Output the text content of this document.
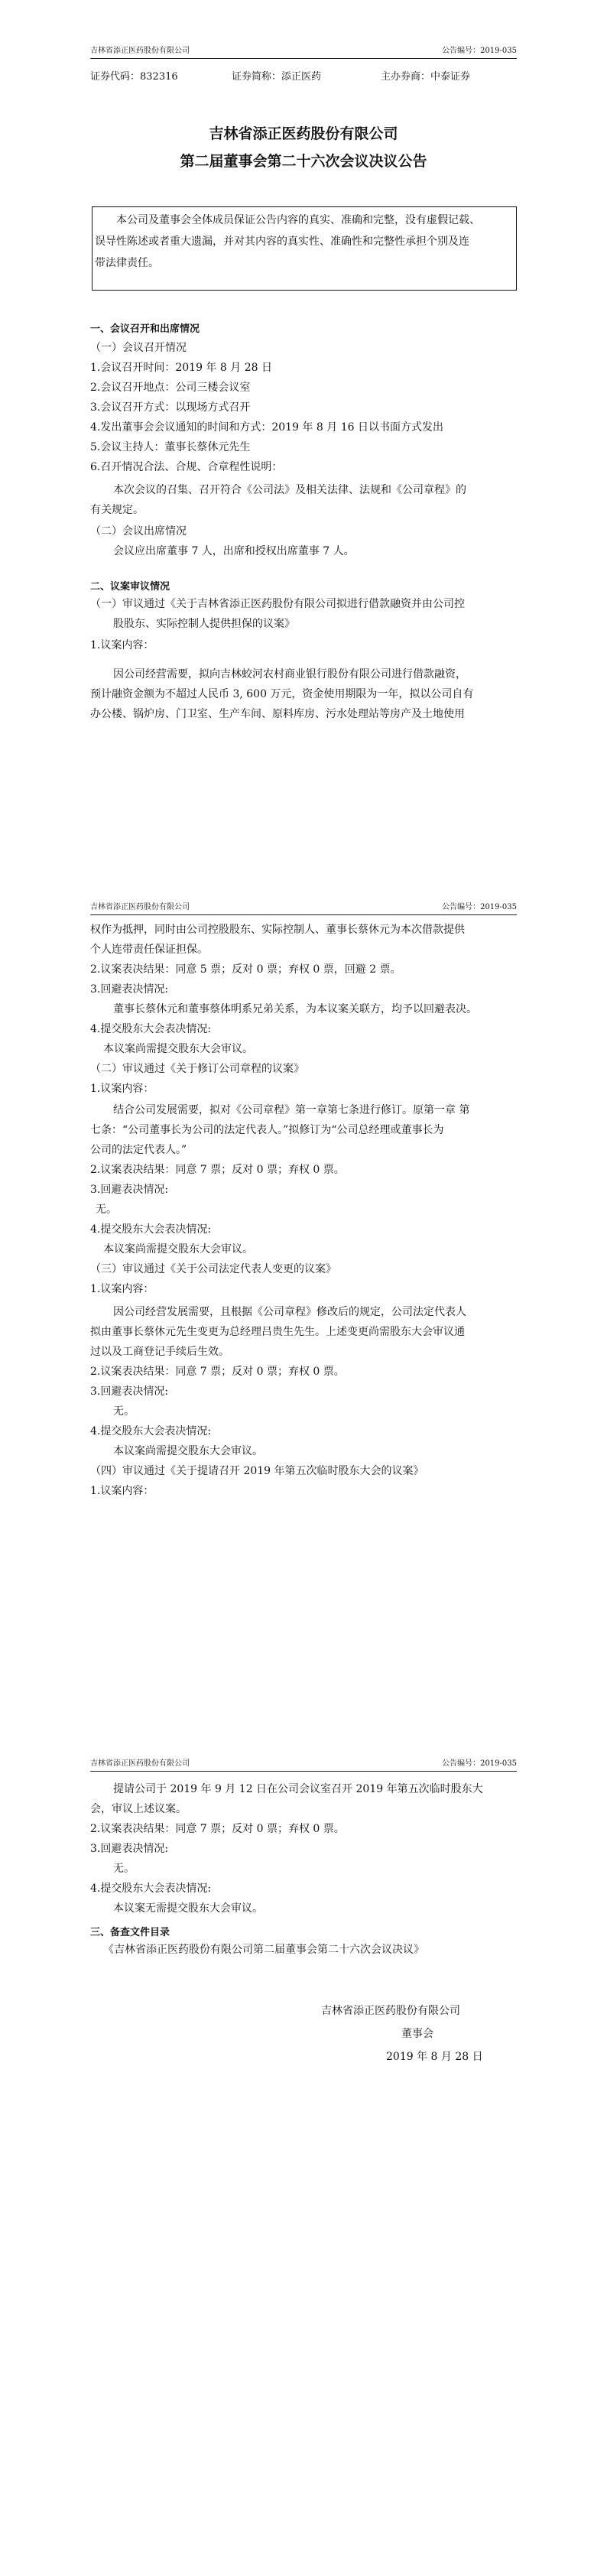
吉林省添正医药股份有限公司	公告编号：2019-035
证券代码：832316	证券简称：添正医药	主办券商：中泰证券
吉林省添正医药股份有限公司
第二届董事会第二十六次会议决议公告
本公司及董事会全体成员保证公告内容的真实、准确和完整，没有虚假记载、
误导性陈述或者重大遗漏，并对其内容的真实性、准确性和完整性承担个别及连
带法律责任。
一、会议召开和出席情况
（一）会议召开情况
1.会议召开时间：2019 年 8 月 28 日
2.会议召开地点：公司三楼会议室
3.会议召开方式：以现场方式召开
4.发出董事会会议通知的时间和方式：2019 年 8 月 16 日以书面方式发出
5.会议主持人：董事长蔡休元先生
6.召开情况合法、合规、合章程性说明：
本次会议的召集、召开符合《公司法》及相关法律、法规和《公司章程》的
有关规定。
（二）会议出席情况
会议应出席董事 7 人，出席和授权出席董事 7 人。
二、议案审议情况
（一）审议通过《关于吉林省添正医药股份有限公司拟进行借款融资并由公司控
股股东、实际控制人提供担保的议案》
1.议案内容：
因公司经营需要，拟向吉林蛟河农村商业银行股份有限公司进行借款融资，
预计融资金额为不超过人民币 3, 600 万元，资金使用期限为一年，拟以公司自有
办公楼、锅炉房、门卫室、生产车间、原料库房、污水处理站等房产及土地使用
吉林省添正医药股份有限公司	公告编号：2019-035
权作为抵押，同时由公司控股股东、实际控制人、董事长蔡休元为本次借款提供
个人连带责任保证担保。
2.议案表决结果：同意 5 票；反对 0 票；弃权 0 票，回避 2 票。
3.回避表决情况:
董事长蔡休元和董事蔡体明系兄弟关系，为本议案关联方，均予以回避表决。
4.提交股东大会表决情况:
本议案尚需提交股东大会审议。
（二）审议通过《关于修订公司章程的议案》
1.议案内容：
结合公司发展需要，拟对《公司章程》第一章第七条进行修订。原第一章 第
七条：“公司董事长为公司的法定代表人。”拟修订为“公司总经理或董事长为
公司的法定代表人。”
2.议案表决结果：同意 7 票；反对 0 票；弃权 0 票。
3.回避表决情况:
无。
4.提交股东大会表决情况:
本议案尚需提交股东大会审议。
（三）审议通过《关于公司法定代表人变更的议案》
1.议案内容：
因公司经营发展需要，且根据《公司章程》修改后的规定，公司法定代表人
拟由董事长蔡休元先生变更为总经理吕贵生先生。上述变更尚需股东大会审议通
过以及工商登记手续后生效。
2.议案表决结果：同意 7 票；反对 0 票；弃权 0 票。
3.回避表决情况:
无。
4.提交股东大会表决情况:
本议案尚需提交股东大会审议。
（四）审议通过《关于提请召开 2019 年第五次临时股东大会的议案》
1.议案内容：
吉林省添正医药股份有限公司	公告编号：2019-035
提请公司于 2019 年 9 月 12 日在公司会议室召开 2019 年第五次临时股东大
会，审议上述议案。
2.议案表决结果：同意 7 票；反对 0 票；弃权 0 票。
3.回避表决情况:
无。
4.提交股东大会表决情况:
本议案无需提交股东大会审议。
三、备查文件目录
《吉林省添正医药股份有限公司第二届董事会第二十六次会议决议》
吉林省添正医药股份有限公司
董事会
2019 年 8 月 28 日
